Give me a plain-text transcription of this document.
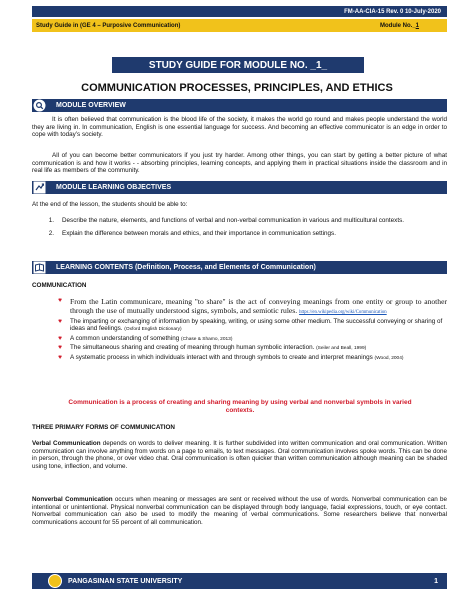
FM-AA-CIA-15 Rev. 0 10-July-2020
Study Guide in (GE 4 – Purposive Communication)	Module No._1
STUDY GUIDE FOR MODULE NO.
_1_
COMMUNICATION PROCESSES, PRINCIPLES, AND ETHICS
MODULE OVERVIEW
It is often believed that communication is the blood life of the society, it makes the world go round and makes people understand the world they are living in. In communication, English is one essential language for success. And becoming an effective communicator is an edge in order to cope with today’s society.
All of you can become better communicators if you just try harder. Among other things, you can start by getting a better picture of what communication is and how it works - - absorbing principles, learning concepts, and applying them in practical situations inside the classroom and in real life as members of the community.
MODULE LEARNING OBJECTIVES
At the end of the lesson, the students should be able to:
1.	Describe the nature, elements, and functions of verbal and non-verbal communication in various and multicultural contexts.
2.	Explain the difference between morals and ethics, and their importance in communication settings.
LEARNING CONTENTS (Definition, Process, and Elements of Communication)
COMMUNICATION
♥	From the Latin communicare, meaning "to share" is the act of conveying meanings from one entity or group to another through the use of mutually understood signs, symbols, and semiotic rules. https://en.wikipedia.org/wiki/Communication
♥	The imparting or exchanging of information by speaking, writing, or using some other medium. The successful conveying or sharing of ideas and feelings. (Oxford English Dictionary)
♥	A common understanding of something (Chase & Shamo, 2013)
♥	The simultaneous sharing and creating of meaning through human symbolic interaction. (Seiler and Beall, 1999)
♥	A systematic process in which individuals interact with and through symbols to create and interpret meanings (Wood, 2004)
Communication is a process of creating and sharing meaning by using verbal and nonverbal symbols in varied contexts.
THREE PRIMARY FORMS OF COMMUNICATION
Verbal Communication depends on words to deliver meaning. It is further subdivided into written communication and oral communication. Written communication can involve anything from words on a page to emails, to text messages. Oral communication involves spoke words. This can be done in person, through the phone, or over video chat. Oral communication is often quicker than written communication although meaning can be shaded using tone, inflection, and volume.
Nonverbal Communication occurs when meaning or messages are sent or received without the use of words. Nonverbal communication can be intentional or unintentional. Physical nonverbal communication can be displayed through body language, facial expressions, touch, or eye contact. Nonverbal communication can also be used to modify the meaning of verbal communications. Some researchers believe that nonverbal communications account for 55 percent of all communication.
PANGASINAN STATE UNIVERSITY	1
